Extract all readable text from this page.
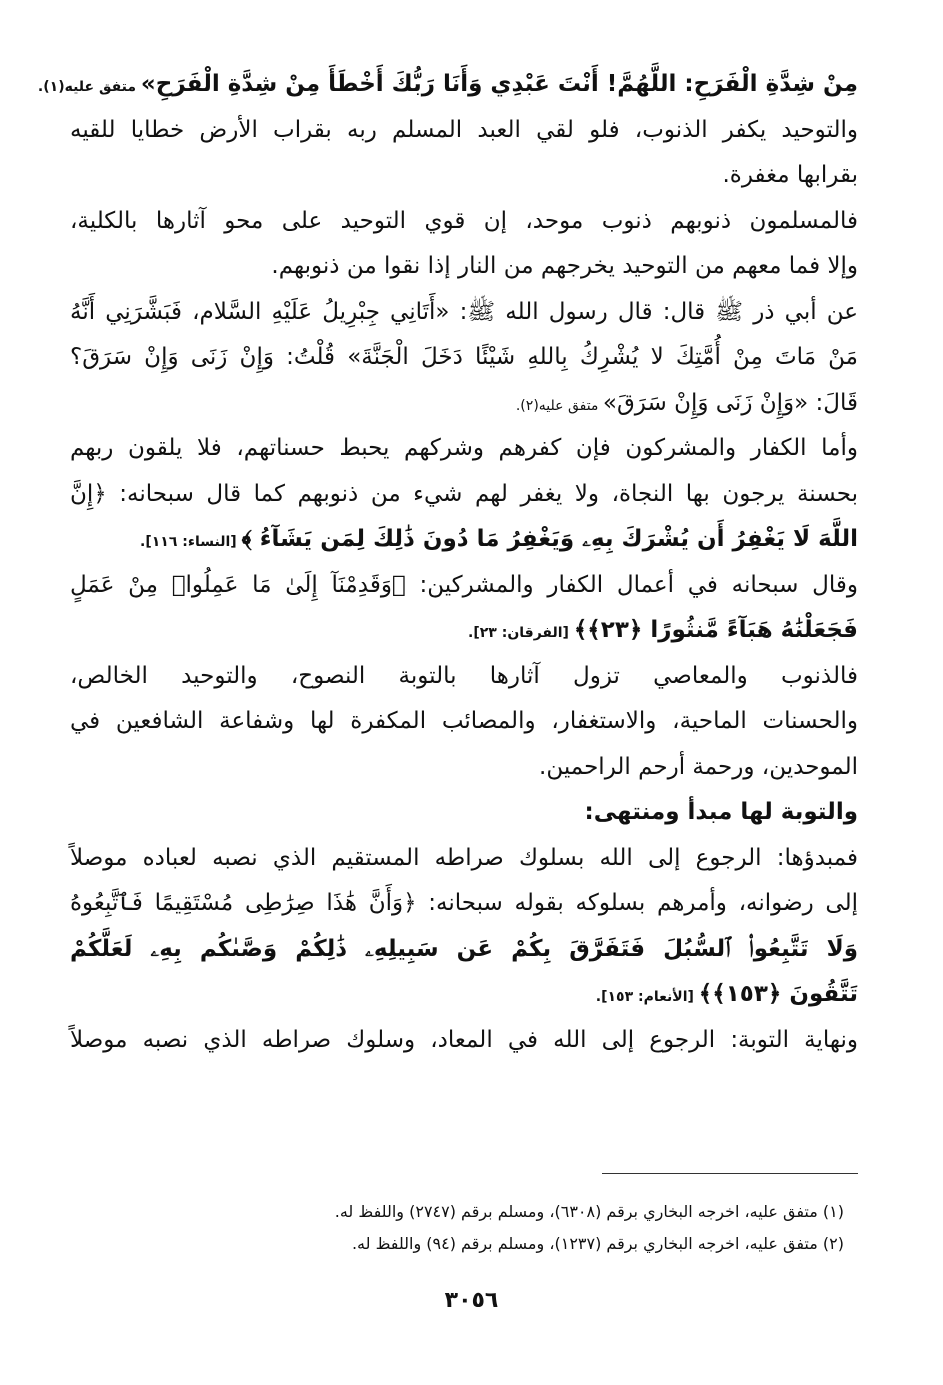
مِنْ شِدَّةِ الْفَرَحِ: اللَّهُمَّ! أَنْتَ عَبْدِي وَأَنَا رَبُّكَ أَخْطَأَ مِنْ شِدَّةِ الْفَرَحِ» متفق عليه(١).
والتوحيد يكفر الذنوب، فلو لقي العبد المسلم ربه بقراب الأرض خطايا للقيه
بقرابها مغفرة.
فالمسلمون ذنوبهم ذنوب موحد، إن قوي التوحيد على محو آثارها بالكلية،
وإلا فما معهم من التوحيد يخرجهم من النار إذا نقوا من ذنوبهم.
عن أبي ذر ﷺ قال: قال رسول الله ﷺ: «أَتَانِي جِبْرِيلُ عَلَيْهِ السَّلام، فَبَشَّرَنِي أَنَّهُ
مَنْ مَاتَ مِنْ أُمَّتِكَ لا يُشْرِكُ بِاللهِ شَيْئًا دَخَلَ الْجَنَّةَ» قُلْتُ: وَإِنْ زَنَى وَإِنْ سَرَقَ؟
قَالَ: «وَإِنْ زَنَى وَإِنْ سَرَقَ» متفق عليه(٢).
وأما الكفار والمشركون فإن كفرهم وشركهم يحبط حسناتهم، فلا يلقون ربهم
بحسنة يرجون بها النجاة، ولا يغفر لهم شيء من ذنوبهم كما قال سبحانه: ﴿إِنَّ
اللَّهَ لَا يَغْفِرُ أَن يُشْرَكَ بِهِۦ وَيَغْفِرُ مَا دُونَ ذَٰلِكَ لِمَن يَشَآءُ ﴾ [النساء: ١١٦].
وقال سبحانه في أعمال الكفار والمشركين: ﴿وَقَدِمْنَآ إِلَىٰ مَا عَمِلُوا۟ مِنْ عَمَلٍ
فَجَعَلْنَٰهُ هَبَآءً مَّنثُورًا ﴿٢٣﴾﴾ [الفرقان: ٢٣].
فالذنوب والمعاصي تزول آثارها بالتوبة النصوح، والتوحيد الخالص،
والحسنات الماحية، والاستغفار، والمصائب المكفرة لها وشفاعة الشافعين في
الموحدين، ورحمة أرحم الراحمين.
والتوبة لها مبدأ ومنتهى:
فمبدؤها: الرجوع إلى الله بسلوك صراطه المستقيم الذي نصبه لعباده موصلاً
إلى رضوانه، وأمرهم بسلوكه بقوله سبحانه: ﴿وَأَنَّ هَٰذَا صِرَٰطِى مُسْتَقِيمًا فَٱتَّبِعُوهُ
وَلَا تَتَّبِعُوا۟ ٱلسُّبُلَ فَتَفَرَّقَ بِكُمْ عَن سَبِيلِهِۦ ذَٰلِكُمْ وَصَّىٰكُم بِهِۦ لَعَلَّكُمْ
تَتَّقُونَ ﴿١٥٣﴾﴾ [الأنعام: ١٥٣].
ونهاية التوبة: الرجوع إلى الله في المعاد، وسلوك صراطه الذي نصبه موصلاً
(١) متفق عليه، اخرجه البخاري برقم (٦٣٠٨)، ومسلم برقم (٢٧٤٧) واللفظ له.
(٢) متفق عليه، اخرجه البخاري برقم (١٢٣٧)، ومسلم برقم (٩٤) واللفظ له.
٣٠٥٦
